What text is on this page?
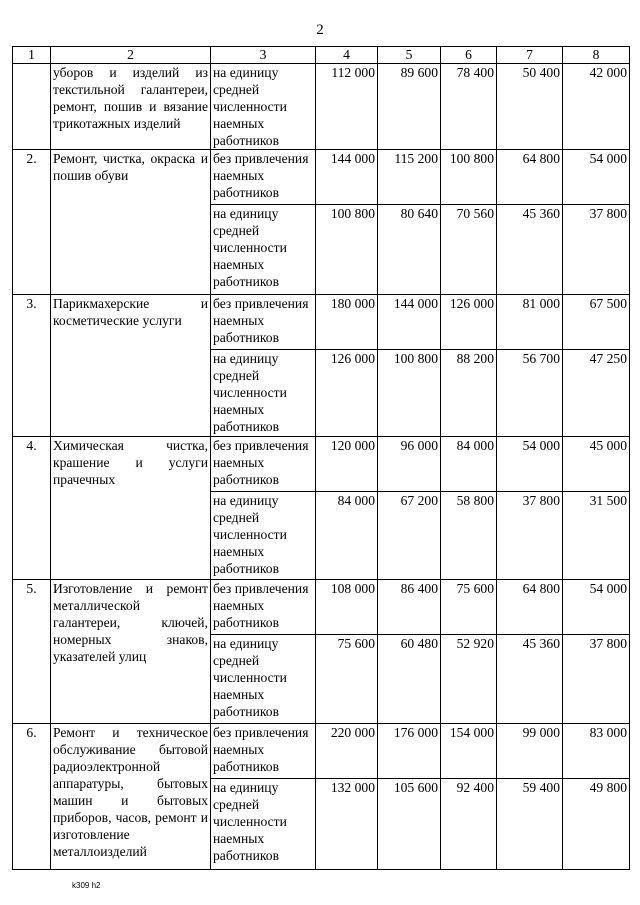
2
1	2	3	4	5	6	7	8
	уборов и изделий из текстильной галантереи, ремонт, пошив и вязание трикотажных изделий	на единицу средней численности наемных работников	112 000	89 600	78 400	50 400	42 000
2.	Ремонт, чистка, окраска и пошив обуви	без привлечения наемных работников	144 000	115 200	100 800	64 800	54 000
		на единицу средней численности наемных работников	100 800	80 640	70 560	45 360	37 800
3.	Парикмахерские и косметические услуги	без привлечения наемных работников	180 000	144 000	126 000	81 000	67 500
		на единицу средней численности наемных работников	126 000	100 800	88 200	56 700	47 250
4.	Химическая чистка, крашение и услуги прачечных	без привлечения наемных работников	120 000	96 000	84 000	54 000	45 000
		на единицу средней численности наемных работников	84 000	67 200	58 800	37 800	31 500
5.	Изготовление и ремонт металлической галантереи, ключей, номерных знаков, указателей улиц	без привлечения наемных работников	108 000	86 400	75 600	64 800	54 000
		на единицу средней численности наемных работников	75 600	60 480	52 920	45 360	37 800
6.	Ремонт и техническое обслуживание бытовой радиоэлектронной аппаратуры, бытовых машин и бытовых приборов, часов, ремонт и изготовление металлоизделий	без привлечения наемных работников	220 000	176 000	154 000	99 000	83 000
		на единицу средней численности наемных работников	132 000	105 600	92 400	59 400	49 800
k309 h2
